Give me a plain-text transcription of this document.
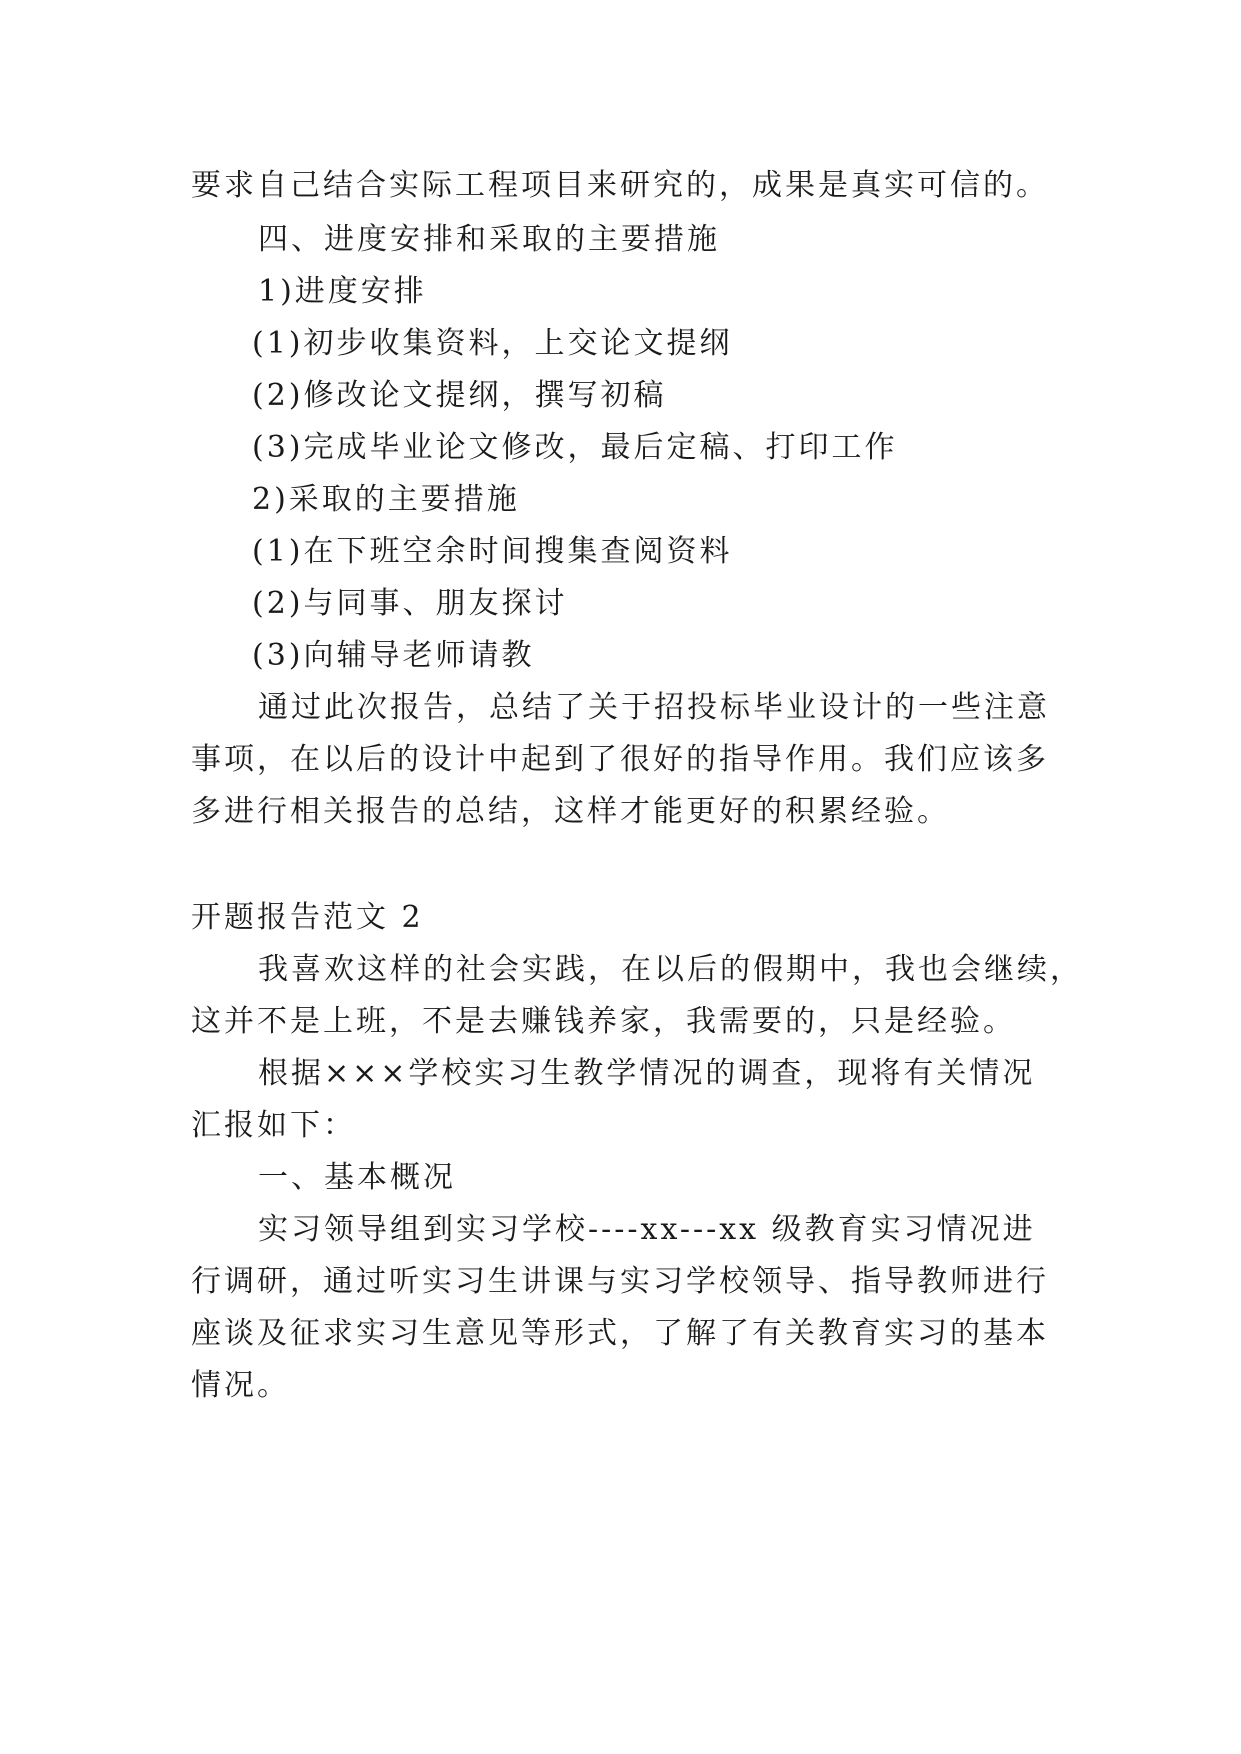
要求自己结合实际工程项目来研究的，成果是真实可信的。
四、进度安排和采取的主要措施
1)进度安排
(1)初步收集资料，上交论文提纲
(2)修改论文提纲，撰写初稿
(3)完成毕业论文修改，最后定稿、打印工作
2)采取的主要措施
(1)在下班空余时间搜集查阅资料
(2)与同事、朋友探讨
(3)向辅导老师请教
通过此次报告，总结了关于招投标毕业设计的一些注意
事项，在以后的设计中起到了很好的指导作用。我们应该多
多进行相关报告的总结，这样才能更好的积累经验。
开题报告范文 2
我喜欢这样的社会实践，在以后的假期中，我也会继续，
这并不是上班，不是去赚钱养家，我需要的，只是经验。
根据×××学校实习生教学情况的调查，现将有关情况
汇报如下：
一、基本概况
实习领导组到实习学校----xx---xx 级教育实习情况进
行调研，通过听实习生讲课与实习学校领导、指导教师进行
座谈及征求实习生意见等形式，了解了有关教育实习的基本
情况。
